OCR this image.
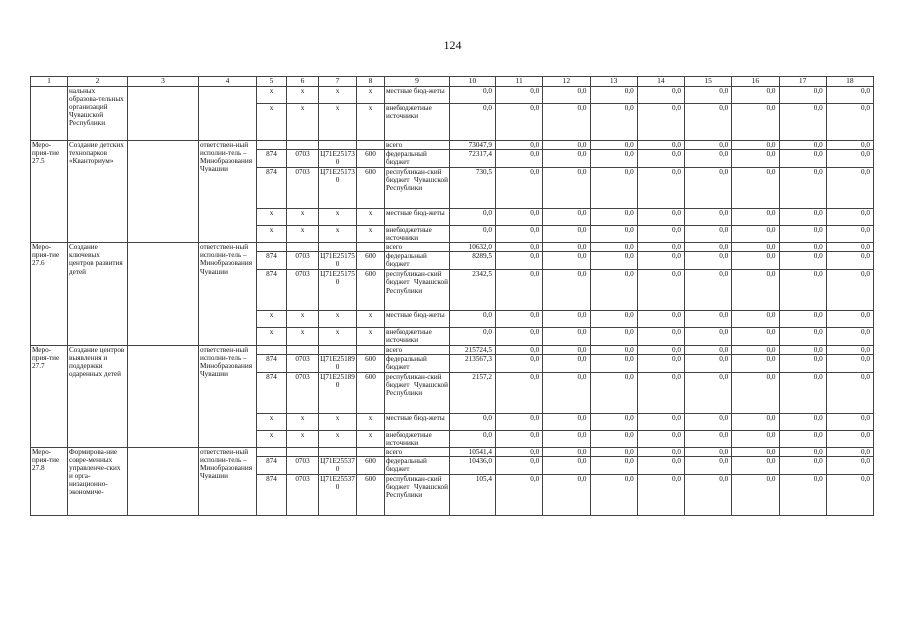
124
1	2	3	4	5	6	7	8	9	10	11	12	13	14	15	16	17	18
	нальных образова-тельных организаций Чувашской Республики			x	x	x	x	местные бюд-жеты	0,0	0,0	0,0	0,0	0,0	0,0	0,0	0,0	0,0
				x	x	x	x	внебюджетные источники	0,0	0,0	0,0	0,0	0,0	0,0	0,0	0,0	0,0
Меро-прия-тие 27.5	Создание детских технопарков «Кванториум»		ответствен-ный исполни-тель – Минобразования Чувашии					всего	73047,9	0,0	0,0	0,0	0,0	0,0	0,0	0,0	0,0
				874	0703	Ц71Е251730	600	федеральный бюджет	72317,4	0,0	0,0	0,0	0,0	0,0	0,0	0,0	0,0
				874	0703	Ц71Е251730	600	республикан-ский бюджет Чувашской Республики	730,5	0,0	0,0	0,0	0,0	0,0	0,0	0,0	0,0
				x	x	x	x	местные бюд-жеты	0,0	0,0	0,0	0,0	0,0	0,0	0,0	0,0	0,0
				x	x	x	x	внебюджетные источники	0,0	0,0	0,0	0,0	0,0	0,0	0,0	0,0	0,0
Меро-прия-тие 27.6	Создание ключевых центров развития детей		ответствен-ный исполни-тель – Минобразования Чувашии					всего	10632,0	0,0	0,0	0,0	0,0	0,0	0,0	0,0	0,0
				874	0703	Ц71Е251750	600	федеральный бюджет	8289,5	0,0	0,0	0,0	0,0	0,0	0,0	0,0	0,0
				874	0703	Ц71Е251750	600	республикан-ский бюджет Чувашской Республики	2342,5	0,0	0,0	0,0	0,0	0,0	0,0	0,0	0,0
				x	x	x	x	местные бюд-жеты	0,0	0,0	0,0	0,0	0,0	0,0	0,0	0,0	0,0
				x	x	x	x	внебюджетные источники	0,0	0,0	0,0	0,0	0,0	0,0	0,0	0,0	0,0
Меро-прия-тие 27.7	Создание центров выявления и поддержки одаренных детей		ответствен-ный исполни-тель – Минобразования Чувашии					всего	215724,5	0,0	0,0	0,0	0,0	0,0	0,0	0,0	0,0
				874	0703	Ц71Е251890	600	федеральный бюджет	213567,3	0,0	0,0	0,0	0,0	0,0	0,0	0,0	0,0
				874	0703	Ц71Е251890	600	республикан-ский бюджет Чувашской Республики	2157,2	0,0	0,0	0,0	0,0	0,0	0,0	0,0	0,0
				x	x	x	x	местные бюд-жеты	0,0	0,0	0,0	0,0	0,0	0,0	0,0	0,0	0,0
				x	x	x	x	внебюджетные источники	0,0	0,0	0,0	0,0	0,0	0,0	0,0	0,0	0,0
Меро-прия-тие 27.8	Формирова-ние совре-менных управленче-ских и орга-низационно-экономиче-		ответствен-ный исполни-тель – Минобразования Чувашии					всего	10541,4	0,0	0,0	0,0	0,0	0,0	0,0	0,0	0,0
				874	0703	Ц71Е255370	600	федеральный бюджет	10436,0	0,0	0,0	0,0	0,0	0,0	0,0	0,0	0,0
				874	0703	Ц71Е255370	600	республикан-ский бюджет Чувашской Республики	105,4	0,0	0,0	0,0	0,0	0,0	0,0	0,0	0,0
